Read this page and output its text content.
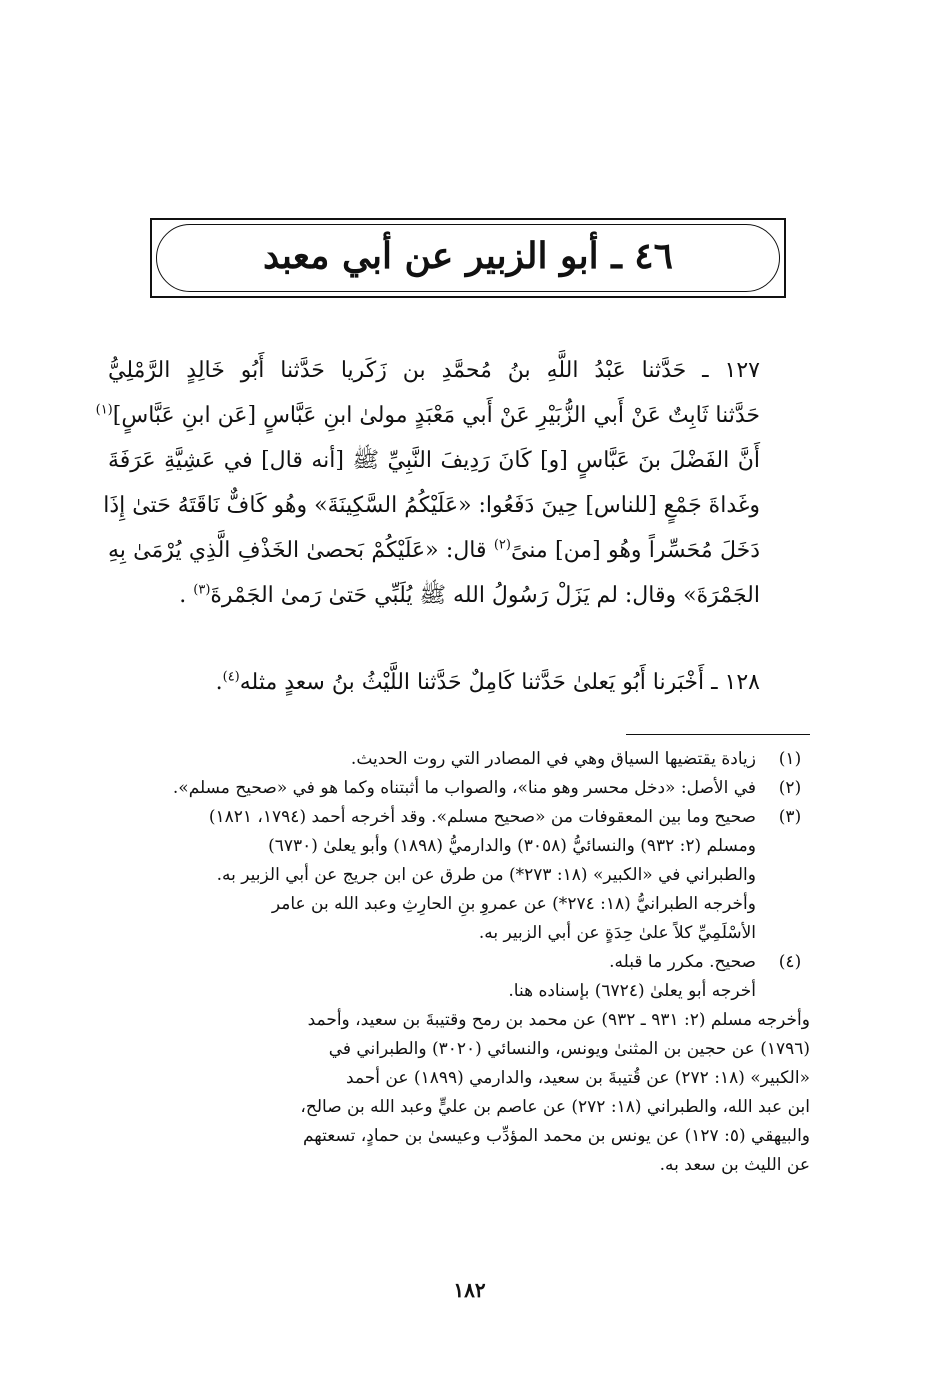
٤٦ ـ أبو الزبير عن أبي معبد
١٢٧ ـ حَدَّثنا عَبْدُ اللَّهِ بنُ مُحمَّدِ بن زَكَريا حَدَّثنا أَبُو خَالِدٍ الرَّمْلِيُّ
حَدَّثنا ثَابِتٌ عَنْ أَبي الزُّبَيْرِ عَنْ أَبي مَعْبَدٍ مولىٰ ابنِ عَبَّاسٍ [عَن ابنِ عَبَّاسٍ]$^{(١)}$
أَنَّ الفَضْلَ بنَ عَبَّاسٍ [و] كَانَ رَدِيفَ النَّبِيِّ ﷺ [أنه قال] في عَشِيَّةِ عَرَفَةَ
وغَداةَ جَمْعٍ [للناس] حِينَ دَفَعُوا: «عَلَيْكُمُ السَّكِينَةَ» وهُو كَافٌّ نَاقَتَهُ حَتىٰ إِذَا
دَخَلَ مُحَسِّراً وهُو [من] منىً$^{(٢)}$ قال: «عَلَيْكُمْ بَحصىٰ الخَذْفِ الَّذِي يُرْمَىٰ بِهِ
الجَمْرَةَ» وقال: لم يَزَلْ رَسُولُ الله ﷺ يُلَبِّي حَتىٰ رَمىٰ الجَمْرةَ$^{(٣)}$ .
١٢٨ ـ أَخْبَرنا أَبُو يَعلىٰ حَدَّثنا كَامِلٌ حَدَّثنا اللَّيْثُ بنُ سعدٍ مثله$^{(٤)}$.
(١)
زيادة يقتضيها السياق وهي في المصادر التي روت الحديث.
(٢)
في الأصل: «دخل محسر وهو منا»، والصواب ما أثبتناه وكما هو في «صحيح مسلم».
(٣)
صحيح وما بين المعقوفات من «صحيح مسلم». وقد أخرجه أحمد (١٧٩٤، ١٨٢١)
ومسلم (٢: ٩٣٢) والنسائيُّ (٣٠٥٨) والدارميُّ (١٨٩٨) وأبو يعلىٰ (٦٧٣٠)
والطبراني في «الكبير» (١٨: ٢٧٣*) من طرق عن ابن جريج عن أبي الزبير به.
وأخرجه الطبرانيُّ (١٨: ٢٧٤*) عن عمروِ بنِ الحارِثِ وعبد الله بن عامر
الأسْلَمِيِّ كلاً علىٰ حِدَةٍ عن أبي الزبير به.
(٤)
صحيح. مكرر ما قبله.
أخرجه أبو يعلىٰ (٦٧٢٤) بإسناده هنا.
وأخرجه مسلم (٢: ٩٣١ ـ ٩٣٢) عن محمد بن رمح وقتيبةَ بن سعيد، وأحمد
(١٧٩٦) عن حجين بن المثنىٰ ويونس، والنسائي (٣٠٢٠) والطبراني في
«الكبير» (١٨: ٢٧٢) عن قُتيبةَ بن سعيد، والدارمي (١٨٩٩) عن أحمد
ابن عبد الله، والطبراني (١٨: ٢٧٢) عن عاصم بن عليٍّ وعبد الله بن صالح،
والبيهقي (٥: ١٢٧) عن يونس بن محمد المؤدِّب وعيسىٰ بن حمادٍ، تسعتهم
عن الليث بن سعد به.
١٨٢
